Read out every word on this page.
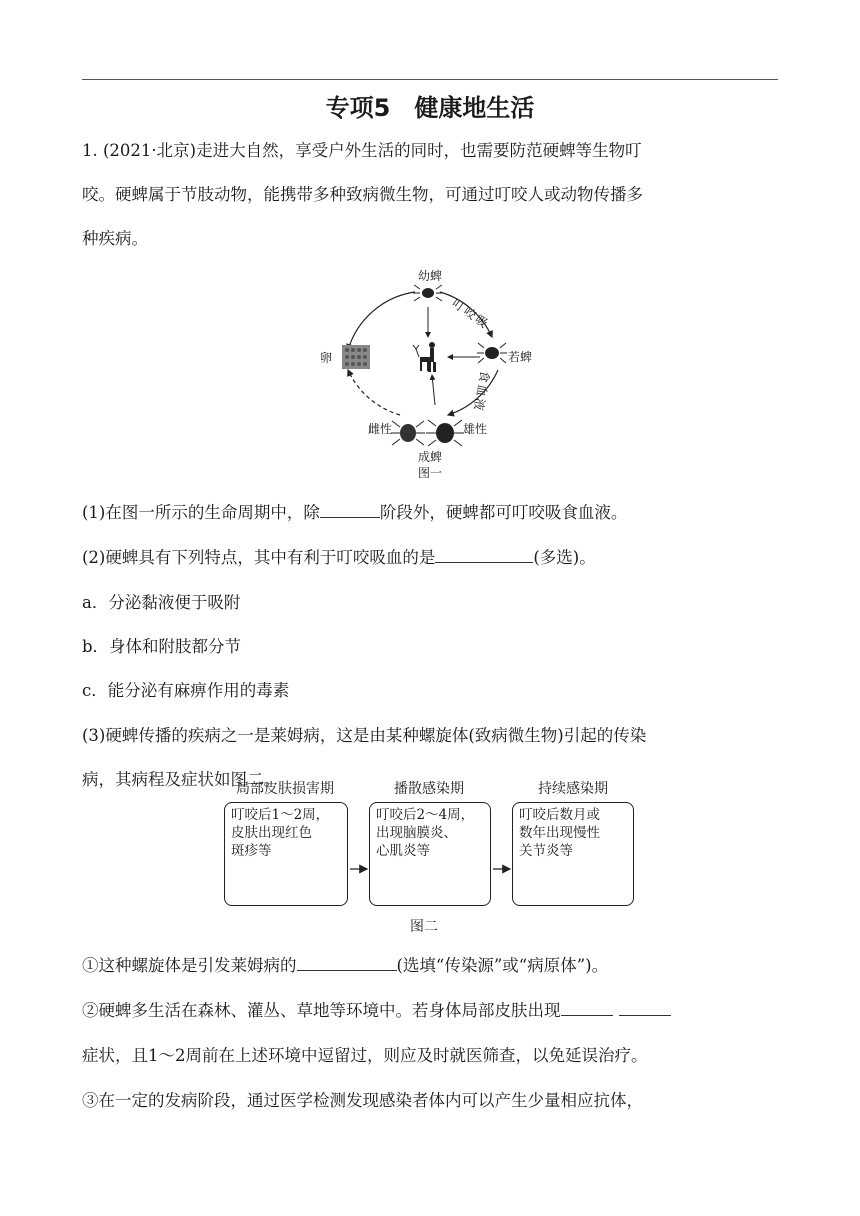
专项5　健康地生活
1. (2021·北京)走进大自然，享受户外生活的同时，也需要防范硬蜱等生物叮
咬。硬蜱属于节肢动物，能携带多种致病微生物，可通过叮咬人或动物传播多
种疾病。
幼蜱
卵	若蜱
雌性	雄性
成蜱
图一
叮咬吸
食血液
(1)在图一所示的生命周期中，除	阶段外，硬蜱都可叮咬吸食血液。
(2)硬蜱具有下列特点，其中有利于叮咬吸血的是	(多选)。
a．分泌黏液便于吸附
b．身体和附肢都分节
c．能分泌有麻痹作用的毒素
(3)硬蜱传播的疾病之一是莱姆病，这是由某种螺旋体(致病微生物)引起的传染
病，其病程及症状如图二。
局部皮肤损害期	播散感染期	持续感染期
叮咬后1～2周，
皮肤出现红色
斑疹等
叮咬后2～4周，
出现脑膜炎、
心肌炎等
叮咬后数月或
数年出现慢性
关节炎等
图二
①这种螺旋体是引发莱姆病的	(选填“传染源”或“病原体”)。
②硬蜱多生活在森林、灌丛、草地等环境中。若身体局部皮肤出现
症状，且1～2周前在上述环境中逗留过，则应及时就医筛查，以免延误治疗。
③在一定的发病阶段，通过医学检测发现感染者体内可以产生少量相应抗体，
